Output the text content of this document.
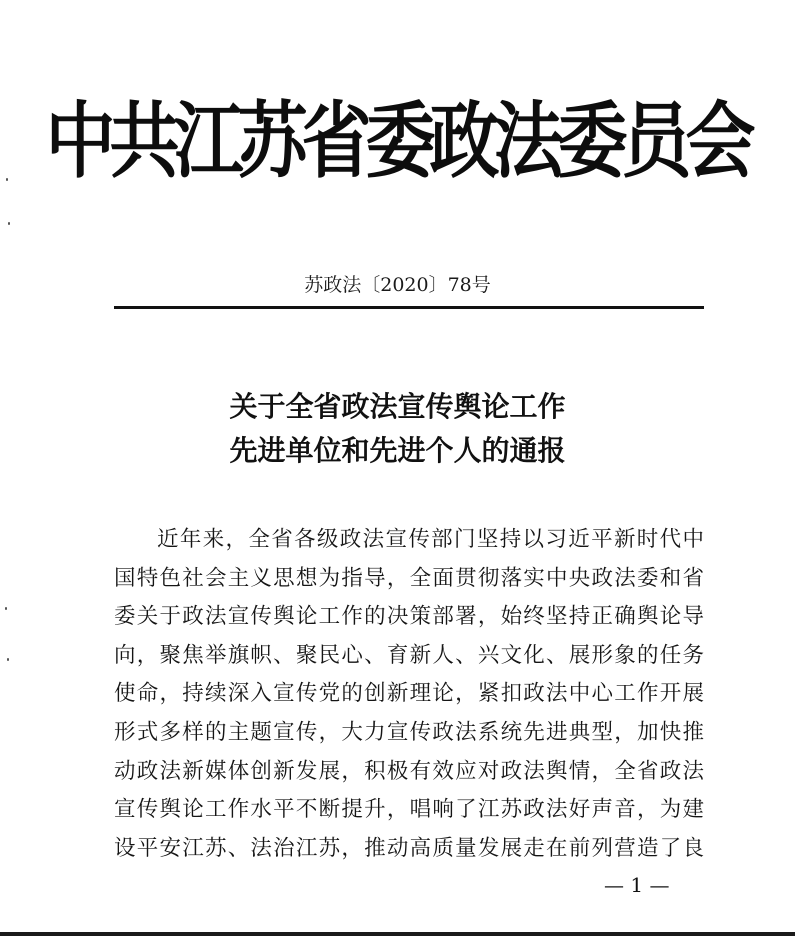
中共江苏省委政法委员会
苏政法〔2020〕78号
关于全省政法宣传舆论工作
先进单位和先进个人的通报
近年来，全省各级政法宣传部门坚持以习近平新时代中
国特色社会主义思想为指导，全面贯彻落实中央政法委和省
委关于政法宣传舆论工作的决策部署，始终坚持正确舆论导
向，聚焦举旗帜、聚民心、育新人、兴文化、展形象的任务
使命，持续深入宣传党的创新理论，紧扣政法中心工作开展
形式多样的主题宣传，大力宣传政法系统先进典型，加快推
动政法新媒体创新发展，积极有效应对政法舆情，全省政法
宣传舆论工作水平不断提升，唱响了江苏政法好声音，为建
设平安江苏、法治江苏，推动高质量发展走在前列营造了良
— 1 —
